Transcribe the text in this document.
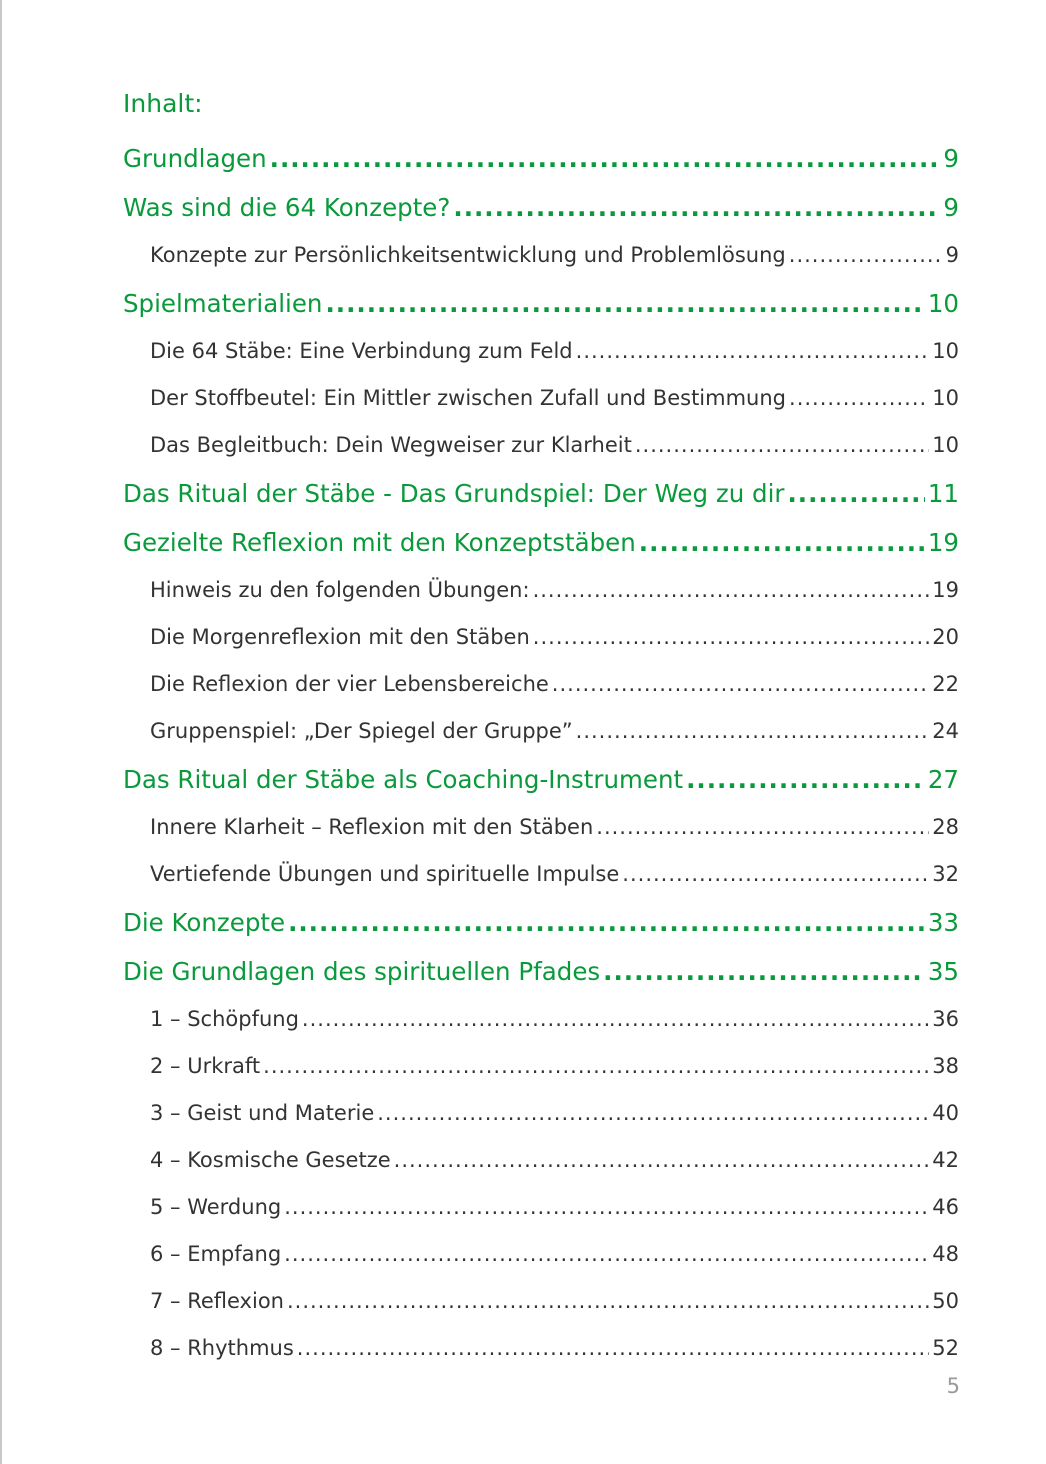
Inhalt:
Grundlagen .....	9
Was sind die 64 Konzepte? .....	9
Konzepte zur Persönlichkeitsentwicklung und Problemlösung .....	9
Spielmaterialien .....	10
Die 64 Stäbe: Eine Verbindung zum Feld .....	10
Der Stoffbeutel: Ein Mittler zwischen Zufall und Bestimmung .....	10
Das Begleitbuch: Dein Wegweiser zur Klarheit .....	10
Das Ritual der Stäbe - Das Grundspiel: Der Weg zu dir .....	11
Gezielte Reflexion mit den Konzeptstäben .....	19
Hinweis zu den folgenden Übungen: .....	19
Die Morgenreflexion mit den Stäben .....	20
Die Reflexion der vier Lebensbereiche .....	22
Gruppenspiel: „Der Spiegel der Gruppe” .....	24
Das Ritual der Stäbe als Coaching-Instrument .....	27
Innere Klarheit – Reflexion mit den Stäben .....	28
Vertiefende Übungen und spirituelle Impulse .....	32
Die Konzepte .....	33
Die Grundlagen des spirituellen Pfades .....	35
1 – Schöpfung .....	36
2 – Urkraft .....	38
3 – Geist und Materie .....	40
4 – Kosmische Gesetze .....	42
5 – Werdung .....	46
6 – Empfang .....	48
7 – Reflexion .....	50
8 – Rhythmus .....	52
5
